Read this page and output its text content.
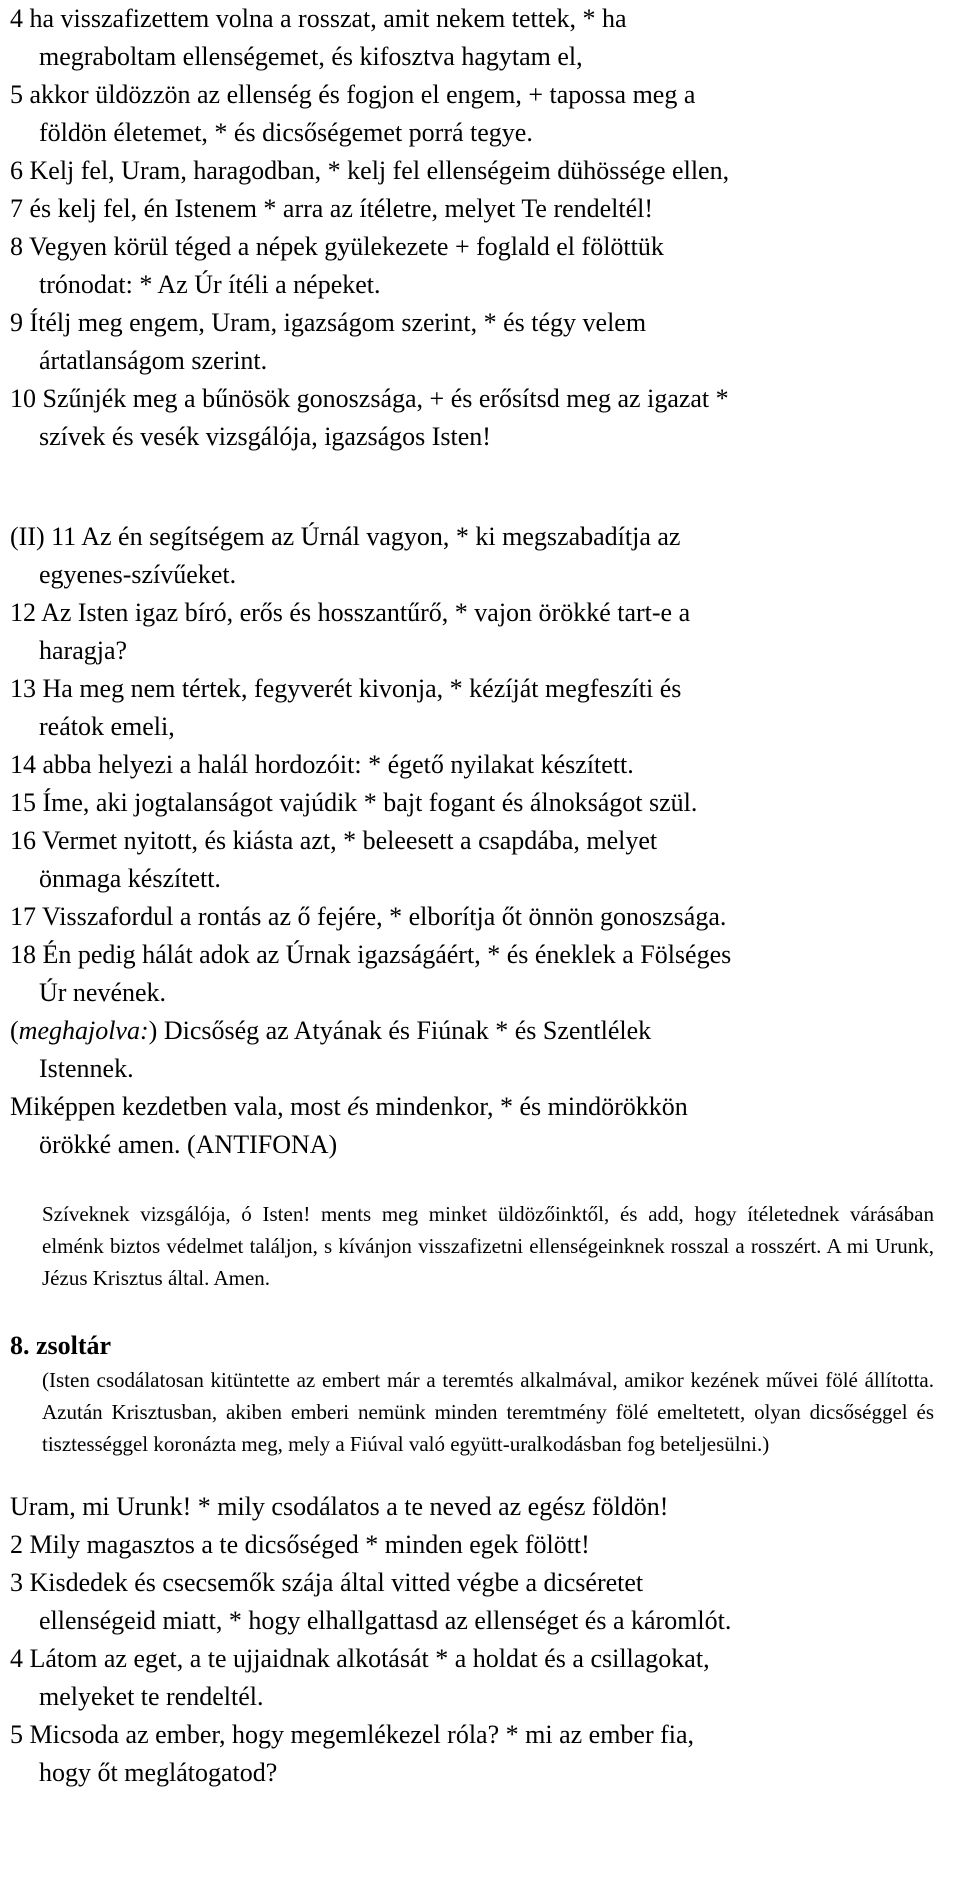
4 ha visszafizettem volna a rosszat, amit nekem tettek, * ha
megraboltam ellenségemet, és kifosztva hagytam el,

5 akkor üldözzön az ellenség és fogjon el engem, + tapossa meg a
földön életemet, * és dicsőségemet porrá tegye.

6 Kelj fel, Uram, haragodban, * kelj fel ellenségeim dühössége ellen,

7 és kelj fel, én Istenem * arra az ítéletre, melyet Te rendeltél!

8 Vegyen körül téged a népek gyülekezete + foglald el fölöttük
trónodat: * Az Úr ítéli a népeket.

9 Ítélj meg engem, Uram, igazságom szerint, * és tégy velem
ártatlanságom szerint.

10 Szűnjék meg a bűnösök gonoszsága, + és erősítsd meg az igazat *
szívek és vesék vizsgálója, igazságos Isten!

(II) 11 Az én segítségem az Úrnál vagyon, * ki megszabadítja az
egyenes-szívűeket.

12 Az Isten igaz bíró, erős és hosszantűrő, * vajon örökké tart-e a
haragja?

13 Ha meg nem tértek, fegyverét kivonja, * kézíját megfeszíti és
reátok emeli,

14 abba helyezi a halál hordozóit: * égető nyilakat készített.

15 Íme, aki jogtalanságot vajúdik * bajt fogant és álnokságot szül.

16 Vermet nyitott, és kiásta azt, * beleesett a csapdába, melyet
önmaga készített.

17 Visszafordul a rontás az ő fejére, * elborítja őt önnön gonoszsága.

18 Én pedig hálát adok az Úrnak igazságáért, * és éneklek a Fölséges
Úr nevének.

(meghajolva:) Dicsőség az Atyának és Fiúnak * és Szentlélek
Istennek.

Miképpen kezdetben vala, most és mindenkor, * és mindörökkön
örökké amen. (ANTIFONA)

Szíveknek vizsgálója, ó Isten! ments meg minket üldözőinktől, és add, hogy ítéletednek várásában elménk biztos védelmet találjon, s kívánjon visszafizetni ellenségeinknek rosszal a rosszért. A mi Urunk, Jézus Krisztus által. Amen.

8. zsoltár

(Isten csodálatosan kitüntette az embert már a teremtés alkalmával, amikor kezének művei fölé állította. Azután Krisztusban, akiben emberi nemünk minden teremtmény fölé emeltetett, olyan dicsőséggel és tisztességgel koronázta meg, mely a Fiúval való együtt-uralkodásban fog beteljesülni.)

Uram, mi Urunk! * mily csodálatos a te neved az egész földön!

2 Mily magasztos a te dicsőséged * minden egek fölött!

3 Kisdedek és csecsemők szája által vitted végbe a dicséretet
ellenségeid miatt, * hogy elhallgattasd az ellenséget és a káromlót.

4 Látom az eget, a te ujjaidnak alkotását * a holdat és a csillagokat,
melyeket te rendeltél.

5 Micsoda az ember, hogy megemlékezel róla? * mi az ember fia,
hogy őt meglátogatod?
